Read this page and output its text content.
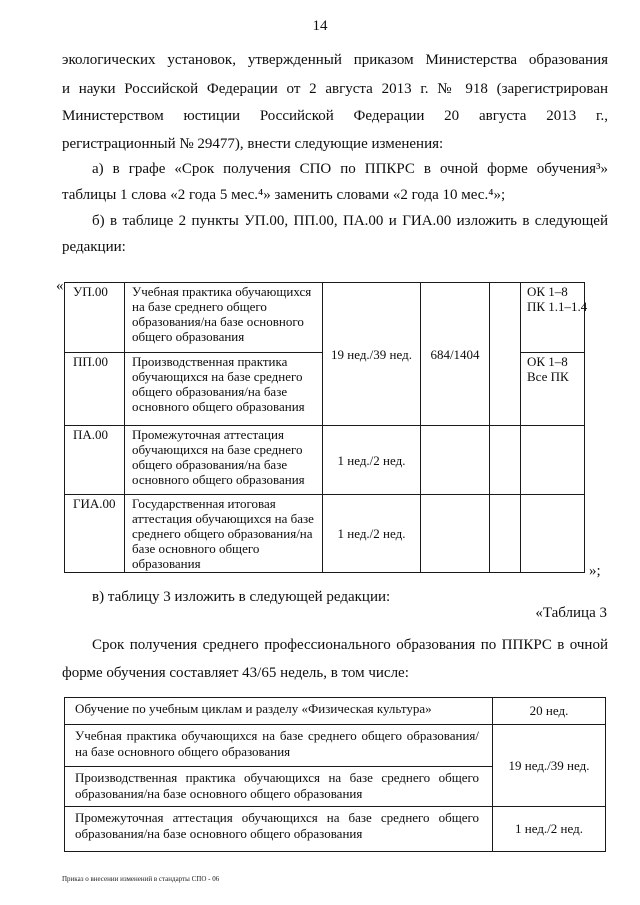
14
экологических установок, утвержденный приказом Министерства образования
и науки Российской Федерации от 2 августа 2013 г. № 918 (зарегистрирован
Министерством юстиции Российской Федерации 20 августа 2013 г.,
регистрационный № 29477), внести следующие изменения:
а) в графе «Срок получения СПО по ППКРС в очной форме обучения³»
таблицы 1 слова «2 года 5 мес.⁴» заменить словами «2 года 10 мес.⁴»;
б) в таблице 2 пункты УП.00, ПП.00, ПА.00 и ГИА.00 изложить в следующей
редакции:
« УП.00	Учебная практика обучающихся на базе среднего общего образования/на базе основного общего образования	19 нед./39 нед.	684/1404		ОК 1–8
ПК 1.1–1.4

ПП.00	Производственная практика обучающихся на базе среднего общего образования/на базе основного общего образования				ОК 1–8
Все ПК

ПА.00	Промежуточная аттестация обучающихся на базе среднего общего образования/на базе основного общего образования	1 нед./2 нед.			
ГИА.00	Государственная итоговая аттестация обучающихся на базе среднего общего образования/на базе основного общего образования	1 нед./2 нед.			
»;
в) таблицу 3 изложить в следующей редакции:
«Таблица 3
Срок получения среднего профессионального образования по ППКРС в очной
форме обучения составляет 43/65 недель, в том числе:
Обучение по учебным циклам и разделу «Физическая культура»	20 нед.
Учебная практика обучающихся на базе среднего общего образования/на базе основного общего образования	19 нед./39 нед.
Производственная практика обучающихся на базе среднего общего образования/на базе основного общего образования	
Промежуточная аттестация обучающихся на базе среднего общего образования/на базе основного общего образования	1 нед./2 нед.
Приказ о внесении изменений в стандарты СПО - 06
